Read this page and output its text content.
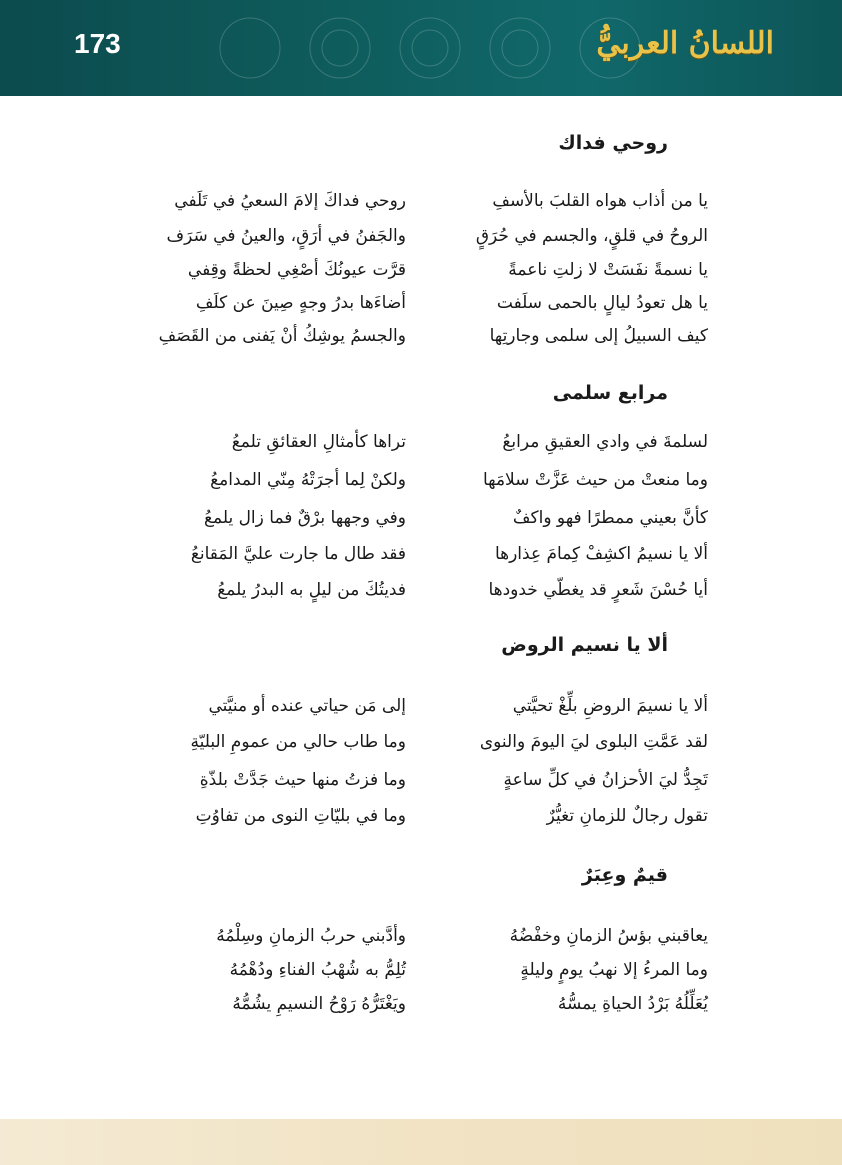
173	اللسانُ العربيُّ
روحي فداك
يا من أذاب هواه القلبَ بالأسفِ
روحي فداكَ إلامَ السعيُ في تَلَفي
الروحُ في قلقٍ، والجسم في حُرَقٍ
والجَفنُ في أرَقٍ، والعينُ في سَرَف
يا نسمةً نفَسَتْ لا زلتِ ناعمةً
قرَّت عيونُكَ أصْغِي لحظةً وقِفي
يا هل تعودُ ليالٍ بالحمى سلَفت
أضاءَها بدرُ وجهٍ صِينَ عن كلَفِ
كيف السبيلُ إلى سلمى وجارتِها
والجسمُ يوشِكُ أنْ يَفنى من القَصَفِ
مرابع سلمى
لسلمةَ في وادي العقيقِ مرابعُ
تراها كأمثالِ العقائقِ تلمعُ
وما منعتْ من حيث عَزَّتْ سلامَها
ولكنْ لِما أجرَتْهُ مِنّي المدامعُ
كأنَّ بعيني ممطرًا فهو واكفٌ
وفي وجهها برْقٌ فما زال يلمعُ
ألا يا نسيمُ اكشِفْ كِمامَ عِذارها
فقد طال ما جارت عليَّ المَقانعُ
أيا حُسْنَ شَعرٍ قد يغطّي خدودها
فديتُكَ من ليلٍ به البدرُ يلمعُ
ألا يا نسيم الروض
ألا يا نسيمَ الروضِ بلِّغْ تحيَّتي
إلى مَن حياتي عنده أو منيَّتي
لقد عَمَّتِ البلوى ليَ اليومَ والنوى
وما طاب حالي من عمومِ البليّةِ
تَجِدُّ ليَ الأحزانُ في كلِّ ساعةٍ
وما فزتُ منها حيث جَدَّتْ بلذّةِ
تقول رجالٌ للزمانِ تغيُّرٌ
وما في بليّاتِ النوى من تفاوُتِ
قيمٌ وعِبَرٌ
يعاقبني بؤسُ الزمانِ وخفْضُهُ
وأدَّبني حربُ الزمانِ وسِلْمُهُ
وما المرءُ إلا نهبُ يومٍ وليلةٍ
تُلِمُّ به شُهْبُ الفناءِ ودُهْمُهُ
يُعَلِّلُهُ بَرْدُ الحياةِ يمسُّهُ
ويَغْتَرُّهُ رَوْحُ النسيمِ يشُمُّهُ
